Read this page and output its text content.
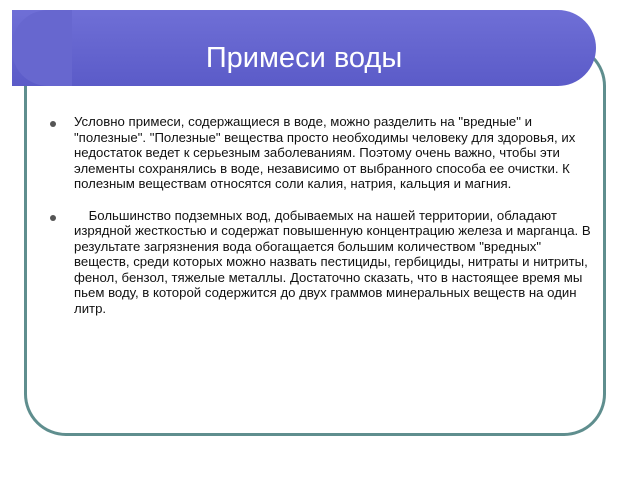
Примеси воды
Условно примеси, содержащиеся в воде, можно разделить на "вредные" и "полезные". "Полезные" вещества просто необходимы человеку для здоровья, их недостаток ведет к серьезным заболеваниям. Поэтому очень важно, чтобы эти элементы сохранялись в воде, независимо от выбранного способа ее очистки. К полезным веществам относятся соли калия, натрия, кальция и магния.
Большинство подземных вод, добываемых на нашей территории, обладают изрядной жесткостью и содержат повышенную концентрацию железа и марганца. В результате загрязнения вода обогащается большим количеством "вредных" веществ, среди которых можно назвать пестициды, гербициды, нитраты и нитриты, фенол, бензол, тяжелые металлы. Достаточно сказать, что в настоящее время мы пьем воду, в которой содержится до двух граммов минеральных веществ на один литр.
